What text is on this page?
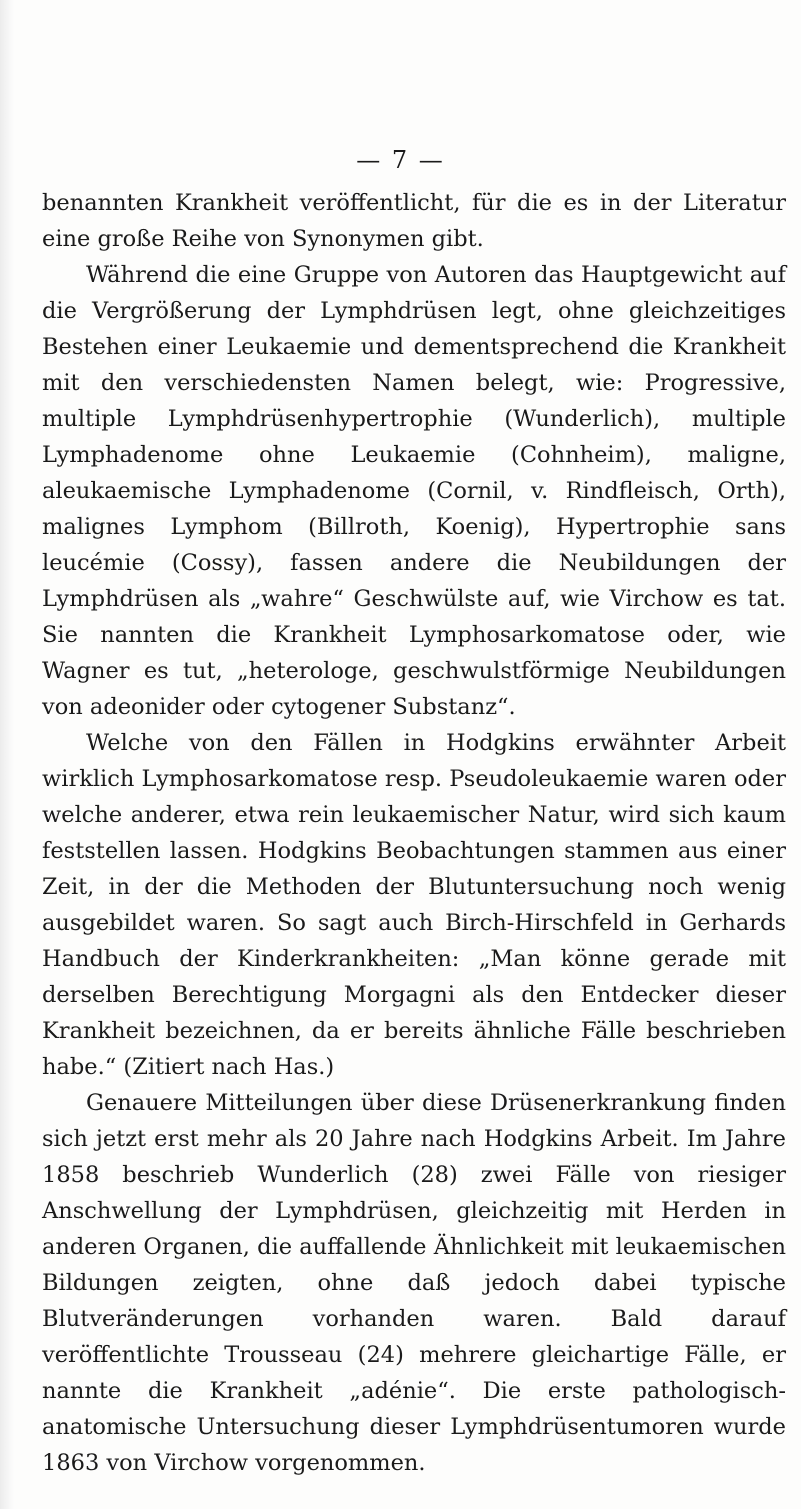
— 7 —

benannten Krankheit veröffentlicht, für die es in der Literatur eine große Reihe von Synonymen gibt.

Während die eine Gruppe von Autoren das Hauptgewicht auf die Vergrößerung der Lymphdrüsen legt, ohne gleichzeitiges Bestehen einer Leukaemie und dementsprechend die Krankheit mit den verschiedensten Namen belegt, wie: Progressive, multiple Lymphdrüsenhypertrophie (Wunderlich), multiple Lymphadenome ohne Leukaemie (Cohnheim), maligne, aleukaemische Lymphadenome (Cornil, v. Rindfleisch, Orth), malignes Lymphom (Billroth, Koenig), Hypertrophie sans leucémie (Cossy), fassen andere die Neubildungen der Lymphdrüsen als „wahre“ Geschwülste auf, wie Virchow es tat. Sie nannten die Krankheit Lymphosarkomatose oder, wie Wagner es tut, „heterologe, geschwulstförmige Neubildungen von adeonider oder cytogener Substanz“.

Welche von den Fällen in Hodgkins erwähnter Arbeit wirklich Lymphosarkomatose resp. Pseudoleukaemie waren oder welche anderer, etwa rein leukaemischer Natur, wird sich kaum feststellen lassen. Hodgkins Beobachtungen stammen aus einer Zeit, in der die Methoden der Blutuntersuchung noch wenig ausgebildet waren. So sagt auch Birch-Hirschfeld in Gerhards Handbuch der Kinderkrankheiten: „Man könne gerade mit derselben Berechtigung Morgagni als den Entdecker dieser Krankheit bezeichnen, da er bereits ähnliche Fälle beschrieben habe.“ (Zitiert nach Has.)

Genauere Mitteilungen über diese Drüsenerkrankung finden sich jetzt erst mehr als 20 Jahre nach Hodgkins Arbeit. Im Jahre 1858 beschrieb Wunderlich (28) zwei Fälle von riesiger Anschwellung der Lymphdrüsen, gleichzeitig mit Herden in anderen Organen, die auffallende Ähnlichkeit mit leukaemischen Bildungen zeigten, ohne daß jedoch dabei typische Blutveränderungen vorhanden waren. Bald darauf veröffentlichte Trousseau (24) mehrere gleichartige Fälle, er nannte die Krankheit „adénie“. Die erste pathologisch-anatomische Untersuchung dieser Lymphdrüsentumoren wurde 1863 von Virchow vorgenommen.
